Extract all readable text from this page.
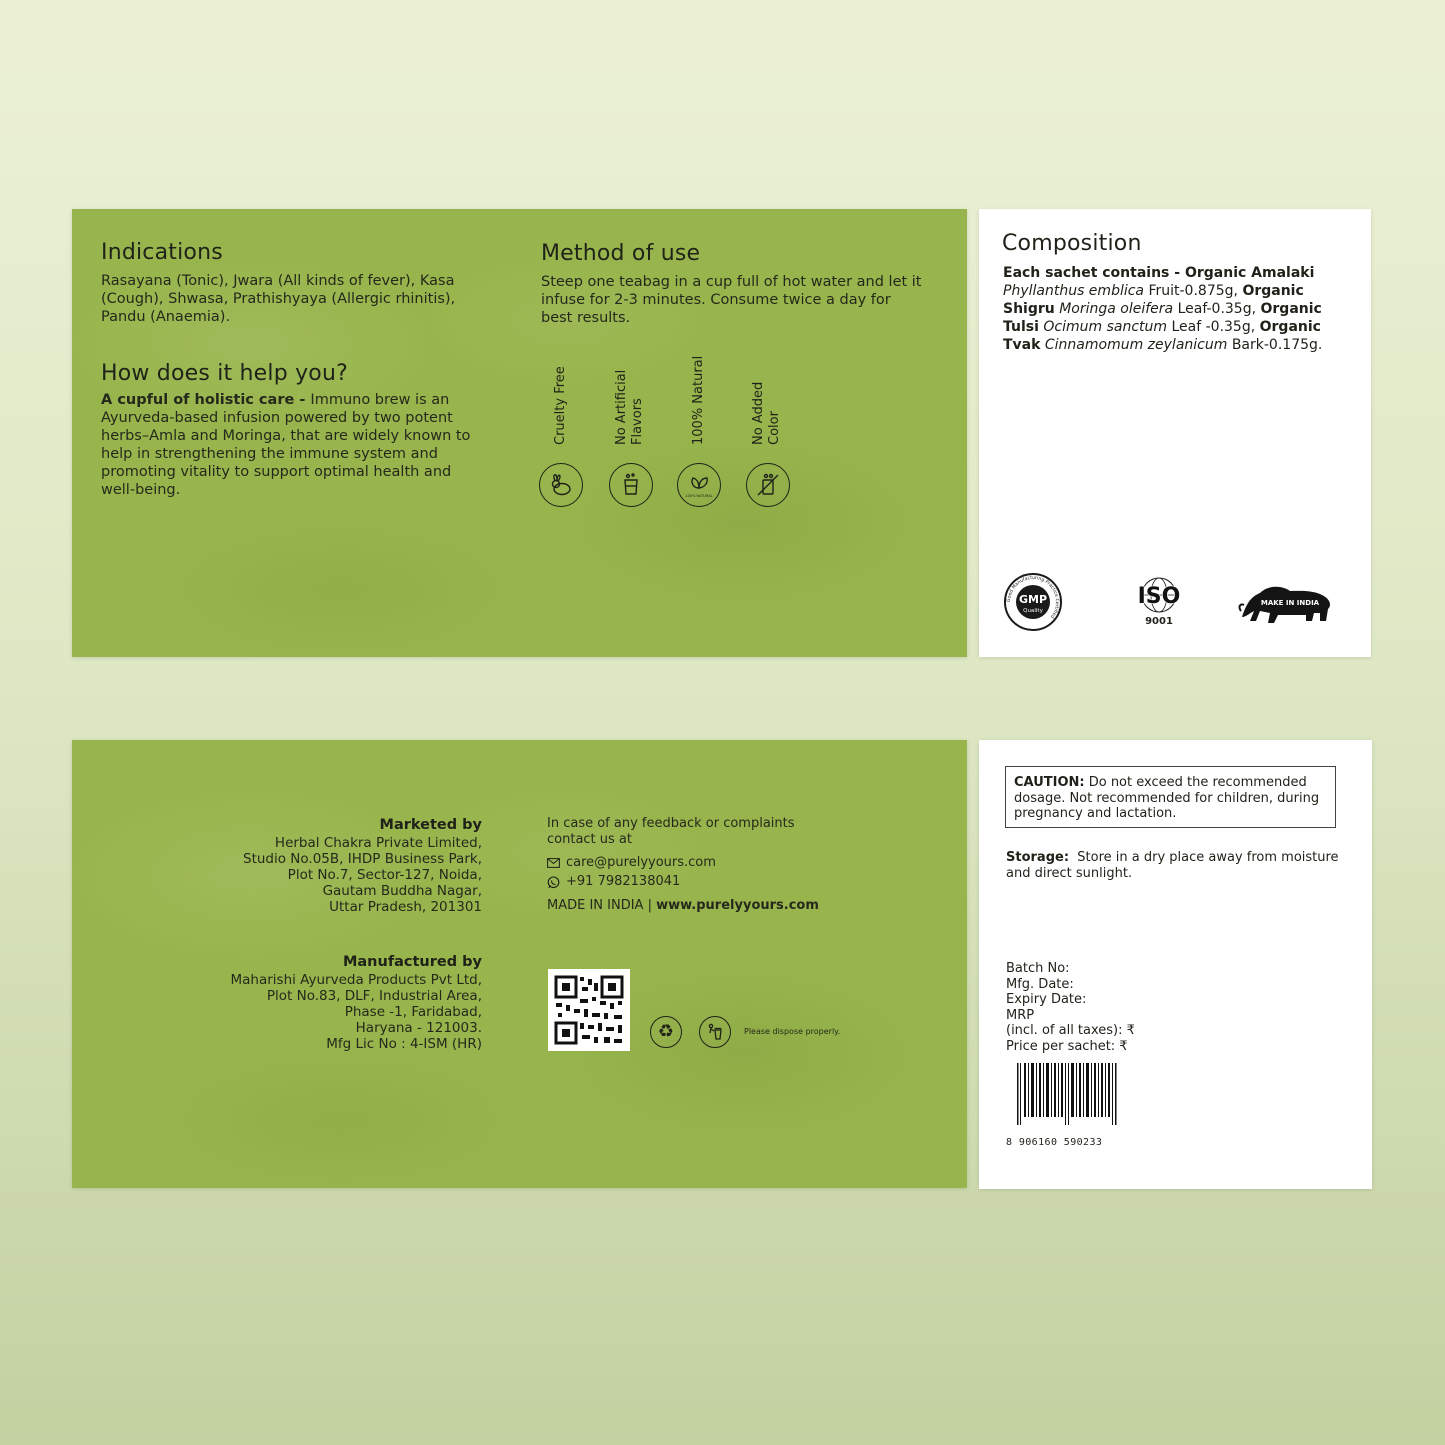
Indications
Rasayana (Tonic), Jwara (All kinds of fever), Kasa (Cough), Shwasa, Prathishyaya (Allergic rhinitis), Pandu (Anaemia).
How does it help you?
A cupful of holistic care - Immuno brew is an Ayurveda-based infusion powered by two potent herbs–Amla and Moringa, that are widely known to help in strengthening the immune system and promoting vitality to support optimal health and well-being.
Method of use
Steep one teabag in a cup full of hot water and let it infuse for 2-3 minutes. Consume twice a day for best results.
Cruelty Free	No Artificial Flavors	100% Natural	No Added Color
100% NATURAL
Composition
Each sachet contains - Organic Amalaki Phyllanthus emblica Fruit-0.875g, Organic Shigru Moringa oleifera Leaf-0.35g, Organic Tulsi Ocimum sanctum Leaf -0.35g, Organic Tvak Cinnamomum zeylanicum Bark-0.175g.
GMP
Quality
Good Manufacturing Practice Certified
ISO
9001
MAKE IN INDIA
Marketed by
Herbal Chakra Private Limited,
Studio No.05B, IHDP Business Park,
Plot No.7, Sector-127, Noida,
Gautam Buddha Nagar,
Uttar Pradesh, 201301
Manufactured by
Maharishi Ayurveda Products Pvt Ltd,
Plot No.83, DLF, Industrial Area,
Phase -1, Faridabad,
Haryana - 121003.
Mfg Lic No : 4-ISM (HR)
In case of any feedback or complaints
contact us at
care@purelyyours.com
+91 7982138041
MADE IN INDIA | www.purelyyours.com
♻	Please dispose properly.
CAUTION: Do not exceed the recommended dosage. Not recommended for children, during pregnancy and lactation.
Storage: Store in a dry place away from moisture and direct sunlight.
Batch No:
Mfg. Date:
Expiry Date:
MRP
(incl. of all taxes): ₹
Price per sachet: ₹
8 906160 590233
